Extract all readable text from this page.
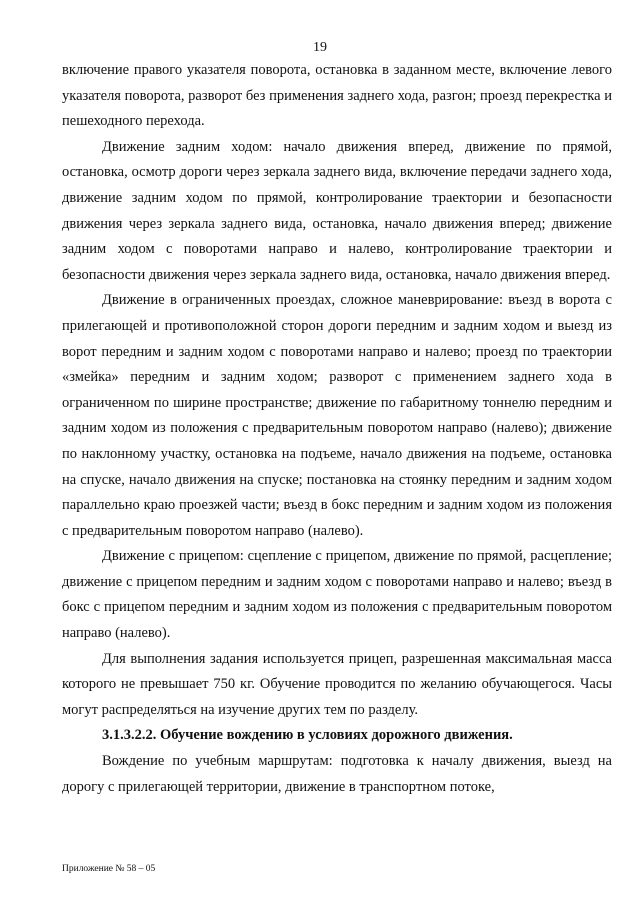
19

включение правого указателя поворота, остановка в заданном месте, включение левого указателя поворота, разворот без применения заднего хода, разгон; проезд перекрестка и пешеходного перехода.

Движение задним ходом: начало движения вперед, движение по прямой, остановка, осмотр дороги через зеркала заднего вида, включение передачи заднего хода, движение задним ходом по прямой, контролирование траектории и безопасности движения через зеркала заднего вида, остановка, начало движения вперед; движение задним ходом с поворотами направо и налево, контролирование траектории и безопасности движения через зеркала заднего вида, остановка, начало движения вперед.

Движение в ограниченных проездах, сложное маневрирование: въезд в ворота с прилегающей и противоположной сторон дороги передним и задним ходом и выезд из ворот передним и задним ходом с поворотами направо и налево; проезд по траектории «змейка» передним и задним ходом; разворот с применением заднего хода в ограниченном по ширине пространстве; движение по габаритному тоннелю передним и задним ходом из положения с предварительным поворотом направо (налево); движение по наклонному участку, остановка на подъеме, начало движения на подъеме, остановка на спуске, начало движения на спуске; постановка на стоянку передним и задним ходом параллельно краю проезжей части; въезд в бокс передним и задним ходом из положения с предварительным поворотом направо (налево).

Движение с прицепом: сцепление с прицепом, движение по прямой, расцепление; движение с прицепом передним и задним ходом с поворотами направо и налево; въезд в бокс с прицепом передним и задним ходом из положения с предварительным поворотом направо (налево).

Для выполнения задания используется прицеп, разрешенная максимальная масса которого не превышает 750 кг. Обучение проводится по желанию обучающегося. Часы могут распределяться на изучение других тем по разделу.

3.1.3.2.2. Обучение вождению в условиях дорожного движения.

Вождение по учебным маршрутам: подготовка к началу движения, выезд на дорогу с прилегающей территории, движение в транспортном потоке,

Приложение № 58 – 05
